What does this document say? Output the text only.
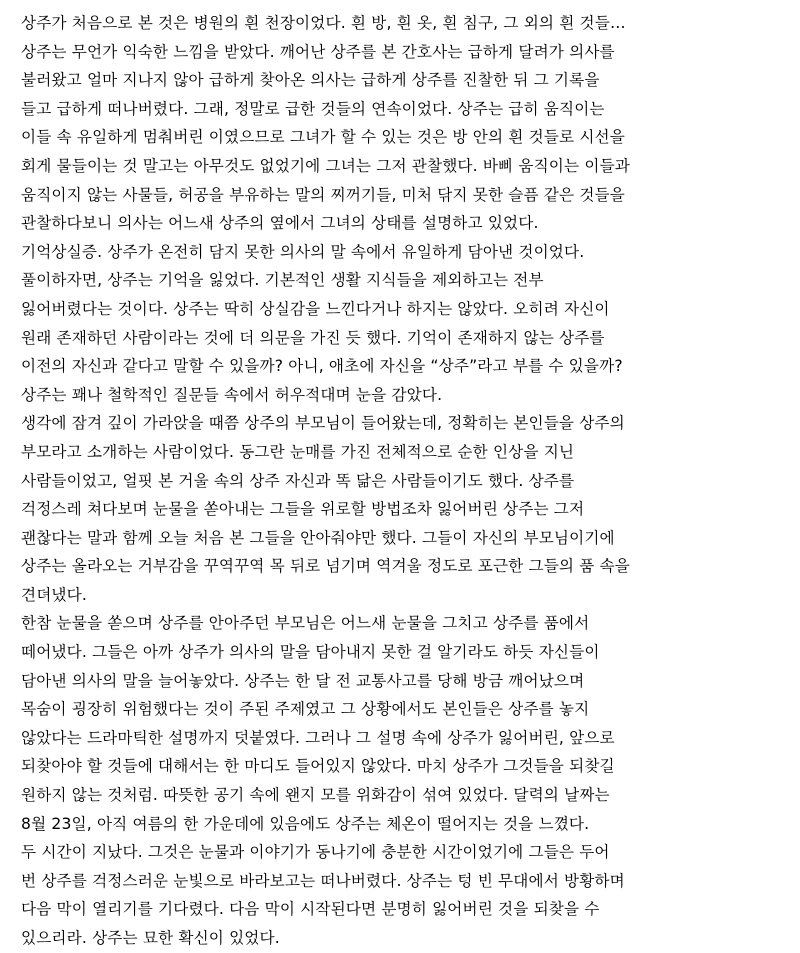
상주가 처음으로 본 것은 병원의 흰 천장이었다. 흰 방, 흰 옷, 흰 침구, 그 외의 흰 것들…
상주는 무언가 익숙한 느낌을 받았다. 깨어난 상주를 본 간호사는 급하게 달려가 의사를
불러왔고 얼마 지나지 않아 급하게 찾아온 의사는 급하게 상주를 진찰한 뒤 그 기록을
들고 급하게 떠나버렸다. 그래, 정말로 급한 것들의 연속이었다. 상주는 급히 움직이는
이들 속 유일하게 멈춰버린 이였으므로 그녀가 할 수 있는 것은 방 안의 흰 것들로 시선을
회게 물들이는 것 말고는 아무것도 없었기에 그녀는 그저 관찰했다. 바삐 움직이는 이들과
움직이지 않는 사물들, 허공을 부유하는 말의 찌꺼기들, 미처 닦지 못한 슬픔 같은 것들을
관찰하다보니 의사는 어느새 상주의 옆에서 그녀의 상태를 설명하고 있었다.
기억상실증. 상주가 온전히 담지 못한 의사의 말 속에서 유일하게 담아낸 것이었다.
풀이하자면, 상주는 기억을 잃었다. 기본적인 생활 지식들을 제외하고는 전부
잃어버렸다는 것이다. 상주는 딱히 상실감을 느낀다거나 하지는 않았다. 오히려 자신이
원래 존재하던 사람이라는 것에 더 의문을 가진 듯 했다. 기억이 존재하지 않는 상주를
이전의 자신과 같다고 말할 수 있을까? 아니, 애초에 자신을 “상주”라고 부를 수 있을까?
상주는 꽤나 철학적인 질문들 속에서 허우적대며 눈을 감았다.
생각에 잠겨 깊이 가라앉을 때쯤 상주의 부모님이 들어왔는데, 정확히는 본인들을 상주의
부모라고 소개하는 사람이었다. 동그란 눈매를 가진 전체적으로 순한 인상을 지닌
사람들이었고, 얼핏 본 거울 속의 상주 자신과 똑 닮은 사람들이기도 했다. 상주를
걱정스레 쳐다보며 눈물을 쏟아내는 그들을 위로할 방법조차 잃어버린 상주는 그저
괜찮다는 말과 함께 오늘 처음 본 그들을 안아줘야만 했다. 그들이 자신의 부모님이기에
상주는 올라오는 거부감을 꾸역꾸역 목 뒤로 넘기며 역겨울 정도로 포근한 그들의 품 속을
견뎌냈다.
한참 눈물을 쏟으며 상주를 안아주던 부모님은 어느새 눈물을 그치고 상주를 품에서
떼어냈다. 그들은 아까 상주가 의사의 말을 담아내지 못한 걸 알기라도 하듯 자신들이
담아낸 의사의 말을 늘어놓았다. 상주는 한 달 전 교통사고를 당해 방금 깨어났으며
목숨이 굉장히 위험했다는 것이 주된 주제였고 그 상황에서도 본인들은 상주를 놓지
않았다는 드라마틱한 설명까지 덧붙였다. 그러나 그 설명 속에 상주가 잃어버린, 앞으로
되찾아야 할 것들에 대해서는 한 마디도 들어있지 않았다. 마치 상주가 그것들을 되찾길
원하지 않는 것처럼. 따뜻한 공기 속에 왠지 모를 위화감이 섞여 있었다. 달력의 날짜는
8월 23일, 아직 여름의 한 가운데에 있음에도 상주는 체온이 떨어지는 것을 느꼈다.
두 시간이 지났다. 그것은 눈물과 이야기가 동나기에 충분한 시간이었기에 그들은 두어
번 상주를 걱정스러운 눈빛으로 바라보고는 떠나버렸다. 상주는 텅 빈 무대에서 방황하며
다음 막이 열리기를 기다렸다. 다음 막이 시작된다면 분명히 잃어버린 것을 되찾을 수
있으리라. 상주는 묘한 확신이 있었다.
